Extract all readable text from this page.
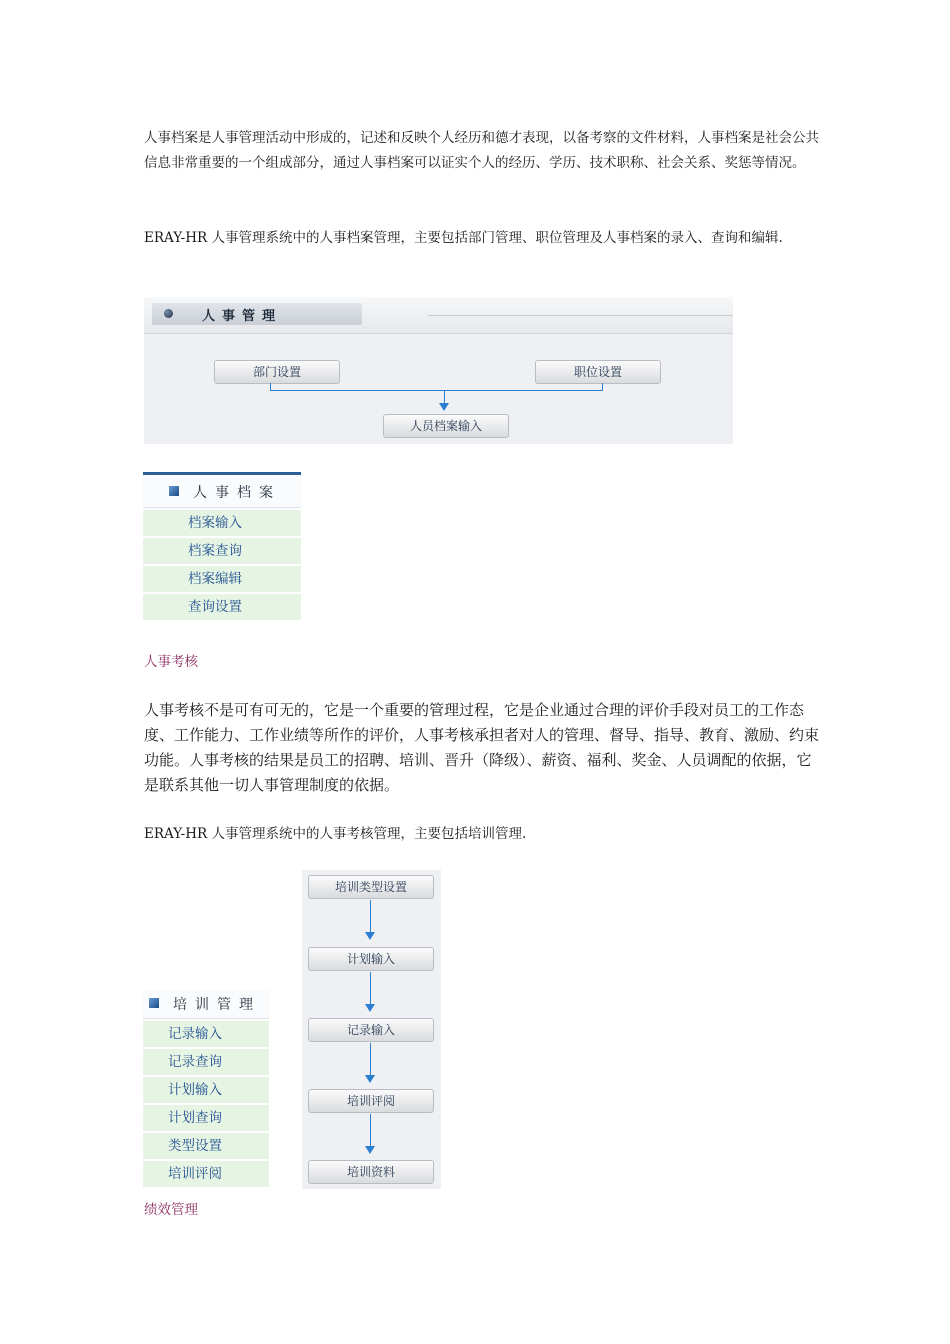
人事档案是人事管理活动中形成的，记述和反映个人经历和德才表现，以备考察的文件材料，人事档案是社会公共信息非常重要的一个组成部分，通过人事档案可以证实个人的经历、学历、技术职称、社会关系、奖惩等情况。

ERAY-HR 人事管理系统中的人事档案管理，主要包括部门管理、职位管理及人事档案的录入、查询和编辑.

人事管理
部门设置	职位设置
人员档案输入
人事档案
档案输入
档案查询
档案编辑
查询设置

人事考核

人事考核不是可有可无的，它是一个重要的管理过程，它是企业通过合理的评价手段对员工的工作态度、工作能力、工作业绩等所作的评价，人事考核承担者对人的管理、督导、指导、教育、激励、约束功能。人事考核的结果是员工的招聘、培训、晋升（降级）、薪资、福利、奖金、人员调配的依据，它是联系其他一切人事管理制度的依据。

ERAY-HR 人事管理系统中的人事考核管理，主要包括培训管理.

培训管理
记录输入
记录查询
计划输入
计划查询
类型设置
培训评阅
培训类型设置
计划输入
记录输入
培训评阅
培训资料

绩效管理
